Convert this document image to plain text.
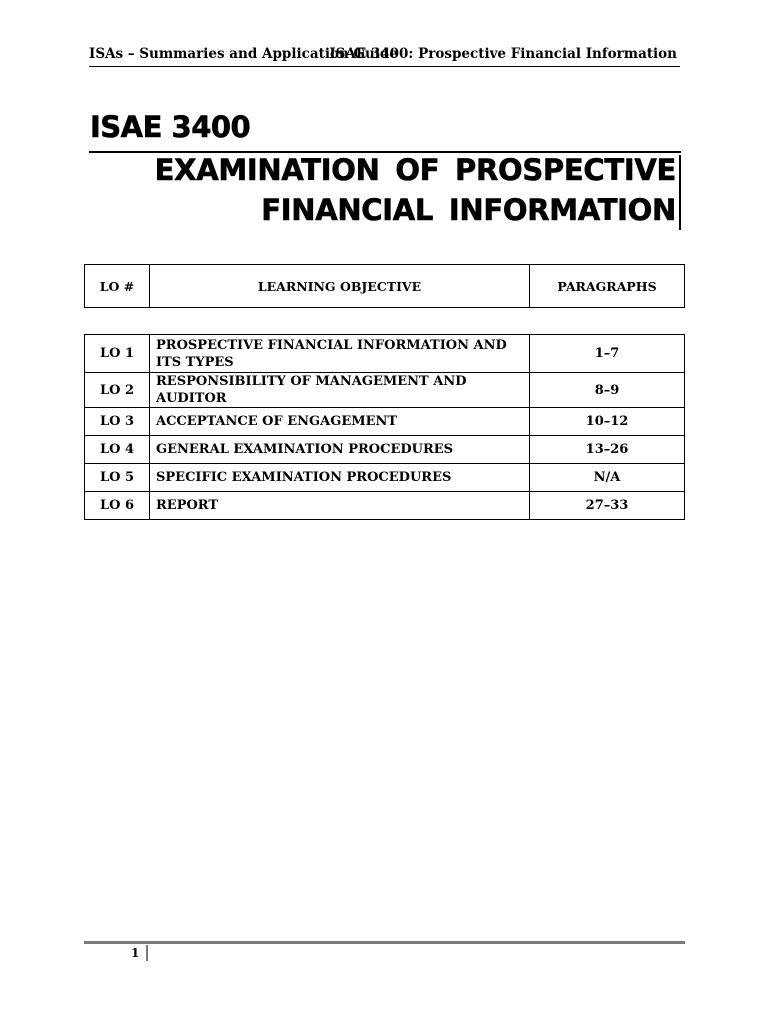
ISAs – Summaries and Application Guide
ISAE 3400: Prospective Financial Information
ISAE 3400
EXAMINATION OF PROSPECTIVE
FINANCIAL INFORMATION
LO #	LEARNING OBJECTIVE	PARAGRAPHS
LO 1	PROSPECTIVE FINANCIAL INFORMATION AND ITS TYPES	1–7
LO 2	RESPONSIBILITY OF MANAGEMENT AND AUDITOR	8–9
LO 3	ACCEPTANCE OF ENGAGEMENT	10–12
LO 4	GENERAL EXAMINATION PROCEDURES	13–26
LO 5	SPECIFIC EXAMINATION PROCEDURES	N/A
LO 6	REPORT	27–33
1
